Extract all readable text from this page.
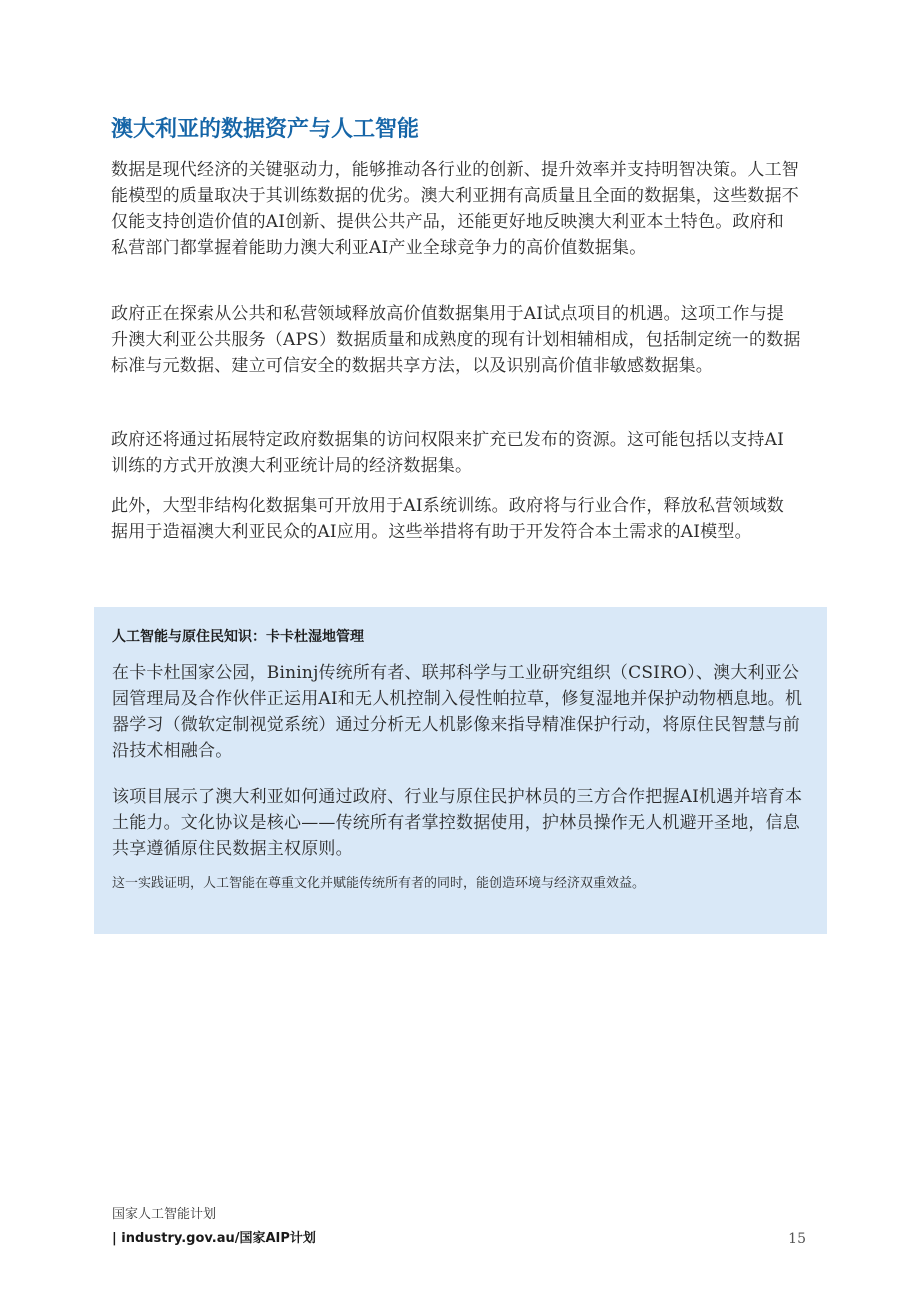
澳大利亚的数据资产与人工智能

数据是现代经济的关键驱动力，能够推动各行业的创新、提升效率并支持明智决策。人工智能模型的质量取决于其训练数据的优劣。澳大利亚拥有高质量且全面的数据集，这些数据不仅能支持创造价值的AI创新、提供公共产品，还能更好地反映澳大利亚本土特色。政府和私营部门都掌握着能助力澳大利亚AI产业全球竞争力的高价值数据集。

政府正在探索从公共和私营领域释放高价值数据集用于AI试点项目的机遇。这项工作与提升澳大利亚公共服务（APS）数据质量和成熟度的现有计划相辅相成，包括制定统一的数据标准与元数据、建立可信安全的数据共享方法，以及识别高价值非敏感数据集。

政府还将通过拓展特定政府数据集的访问权限来扩充已发布的资源。这可能包括以支持AI训练的方式开放澳大利亚统计局的经济数据集。

此外，大型非结构化数据集可开放用于AI系统训练。政府将与行业合作，释放私营领域数据用于造福澳大利亚民众的AI应用。这些举措将有助于开发符合本土需求的AI模型。

人工智能与原住民知识：卡卡杜湿地管理

在卡卡杜国家公园，Bininj传统所有者、联邦科学与工业研究组织（CSIRO）、澳大利亚公园管理局及合作伙伴正运用AI和无人机控制入侵性帕拉草，修复湿地并保护动物栖息地。机器学习（微软定制视觉系统）通过分析无人机影像来指导精准保护行动，将原住民智慧与前沿技术相融合。

该项目展示了澳大利亚如何通过政府、行业与原住民护林员的三方合作把握AI机遇并培育本土能力。文化协议是核心——传统所有者掌控数据使用，护林员操作无人机避开圣地，信息共享遵循原住民数据主权原则。

这一实践证明，人工智能在尊重文化并赋能传统所有者的同时，能创造环境与经济双重效益。

国家人工智能计划
| industry.gov.au/国家AIP计划	15
